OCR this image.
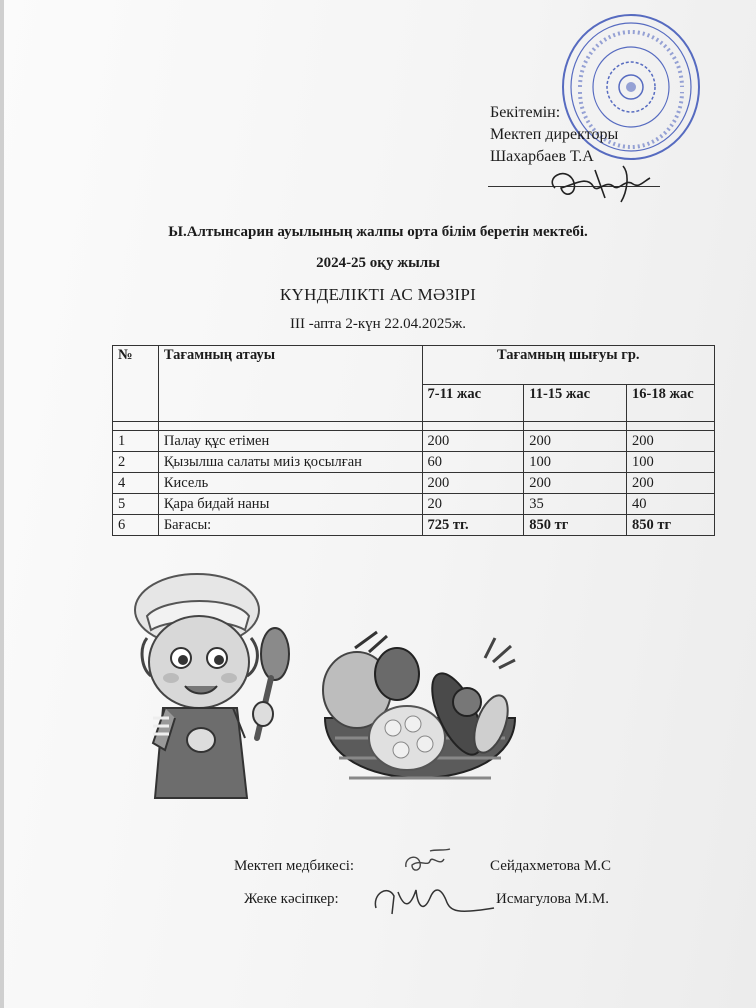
Бекітемін:
Мектеп директоры
Шахарбаев Т.А
Ы.Алтынсарин ауылының жалпы орта білім беретін мектебі.
2024-25 оқу жылы
КҮНДЕЛІКТІ АС МӘЗІРІ
III -апта 2-күн 22.04.2025ж.
№	Тағамның атауы	Тағамның шығуы гр.		
		7-11 жас	11-15 жас	16-18 жас

1	Палау құс етімен	200	200	200
2	Қызылша салаты миіз қосылған	60	100	100
4	Кисель	200	200	200
5	Қара бидай наны	20	35	40
6	Бағасы:	725 тг.	850 тг	850 тг
Мектеп медбикесі:	Сейдахметова М.С
Жеке кәсіпкер:	Исмагулова М.М.
